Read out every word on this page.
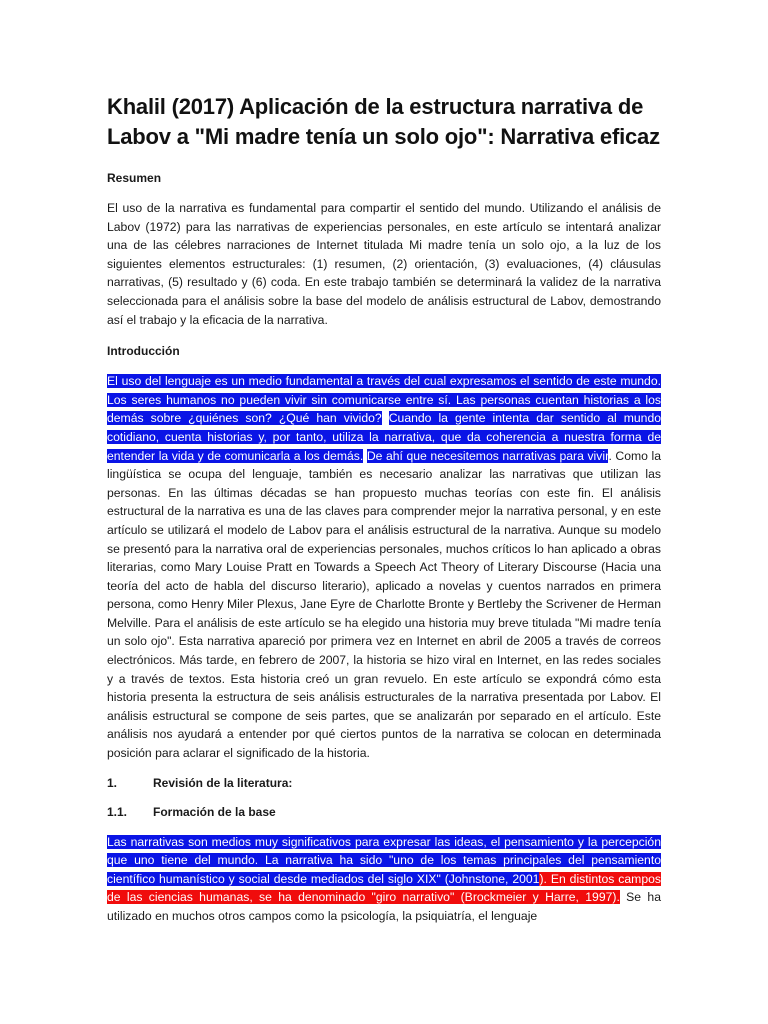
Khalil (2017) Aplicación de la estructura narrativa de Labov a "Mi madre tenía un solo ojo": Narrativa eficaz
Resumen

El uso de la narrativa es fundamental para compartir el sentido del mundo. Utilizando el análisis de Labov (1972) para las narrativas de experiencias personales, en este artículo se intentará analizar una de las célebres narraciones de Internet titulada Mi madre tenía un solo ojo, a la luz de los siguientes elementos estructurales: (1) resumen, (2) orientación, (3) evaluaciones, (4) cláusulas narrativas, (5) resultado y (6) coda. En este trabajo también se determinará la validez de la narrativa seleccionada para el análisis sobre la base del modelo de análisis estructural de Labov, demostrando así el trabajo y la eficacia de la narrativa.

Introducción

El uso del lenguaje es un medio fundamental a través del cual expresamos el sentido de este mundo. Los seres humanos no pueden vivir sin comunicarse entre sí. Las personas cuentan historias a los demás sobre ¿quiénes son? ¿Qué han vivido? Cuando la gente intenta dar sentido al mundo cotidiano, cuenta historias y, por tanto, utiliza la narrativa, que da coherencia a nuestra forma de entender la vida y de comunicarla a los demás. De ahí que necesitemos narrativas para vivir. Como la lingüística se ocupa del lenguaje, también es necesario analizar las narrativas que utilizan las personas. En las últimas décadas se han propuesto muchas teorías con este fin. El análisis estructural de la narrativa es una de las claves para comprender mejor la narrativa personal, y en este artículo se utilizará el modelo de Labov para el análisis estructural de la narrativa. Aunque su modelo se presentó para la narrativa oral de experiencias personales, muchos críticos lo han aplicado a obras literarias, como Mary Louise Pratt en Towards a Speech Act Theory of Literary Discourse (Hacia una teoría del acto de habla del discurso literario), aplicado a novelas y cuentos narrados en primera persona, como Henry Miler Plexus, Jane Eyre de Charlotte Bronte y Bertleby the Scrivener de Herman Melville. Para el análisis de este artículo se ha elegido una historia muy breve titulada "Mi madre tenía un solo ojo". Esta narrativa apareció por primera vez en Internet en abril de 2005 a través de correos electrónicos. Más tarde, en febrero de 2007, la historia se hizo viral en Internet, en las redes sociales y a través de textos. Esta historia creó un gran revuelo. En este artículo se expondrá cómo esta historia presenta la estructura de seis análisis estructurales de la narrativa presentada por Labov. El análisis estructural se compone de seis partes, que se analizarán por separado en el artículo. Este análisis nos ayudará a entender por qué ciertos puntos de la narrativa se colocan en determinada posición para aclarar el significado de la historia.

1.	Revisión de la literatura:
1.1.	Formación de la base

Las narrativas son medios muy significativos para expresar las ideas, el pensamiento y la percepción que uno tiene del mundo. La narrativa ha sido "uno de los temas principales del pensamiento científico humanístico y social desde mediados del siglo XIX" (Johnstone, 2001). En distintos campos de las ciencias humanas, se ha denominado "giro narrativo" (Brockmeier y Harre, 1997). Se ha utilizado en muchos otros campos como la psicología, la psiquiatría, el lenguaje
